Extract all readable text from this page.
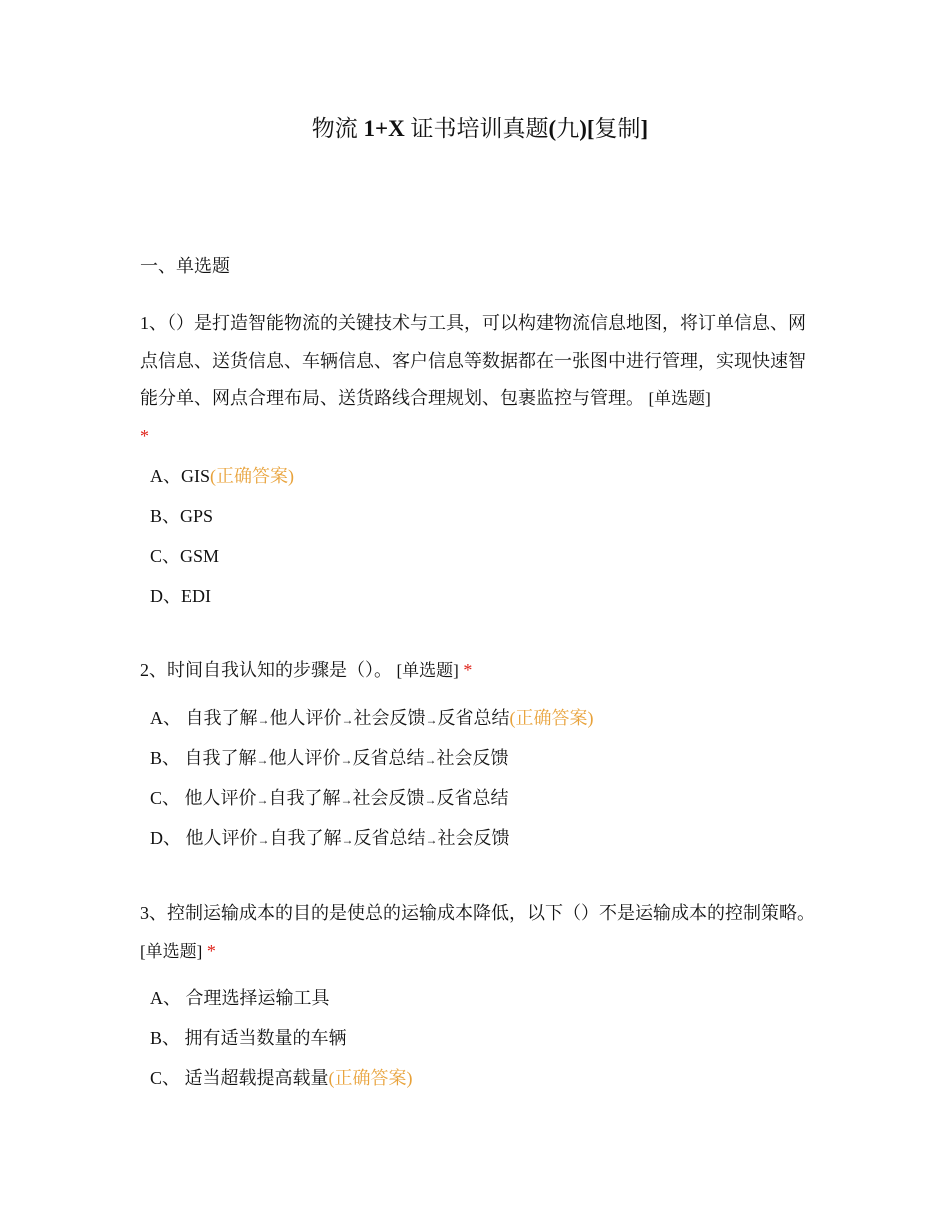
物流 1+X 证书培训真题(九)[复制]
一、单选题
1、（）是打造智能物流的关键技术与工具，可以构建物流信息地图，将订单信息、网点信息、送货信息、车辆信息、客户信息等数据都在一张图中进行管理，实现快速智能分单、网点合理布局、送货路线合理规划、包裹监控与管理。 [单选题]
*
A、GIS(正确答案)
B、GPS
C、GSM
D、EDI
2、时间自我认知的步骤是（）。 [单选题] *
A、 自我了解→他人评价→社会反馈→反省总结(正确答案)
B、 自我了解→他人评价→反省总结→社会反馈
C、 他人评价→自我了解→社会反馈→反省总结
D、 他人评价→自我了解→反省总结→社会反馈
3、控制运输成本的目的是使总的运输成本降低，以下（）不是运输成本的控制策略。 [单选题] *
A、 合理选择运输工具
B、 拥有适当数量的车辆
C、 适当超载提高载量(正确答案)
